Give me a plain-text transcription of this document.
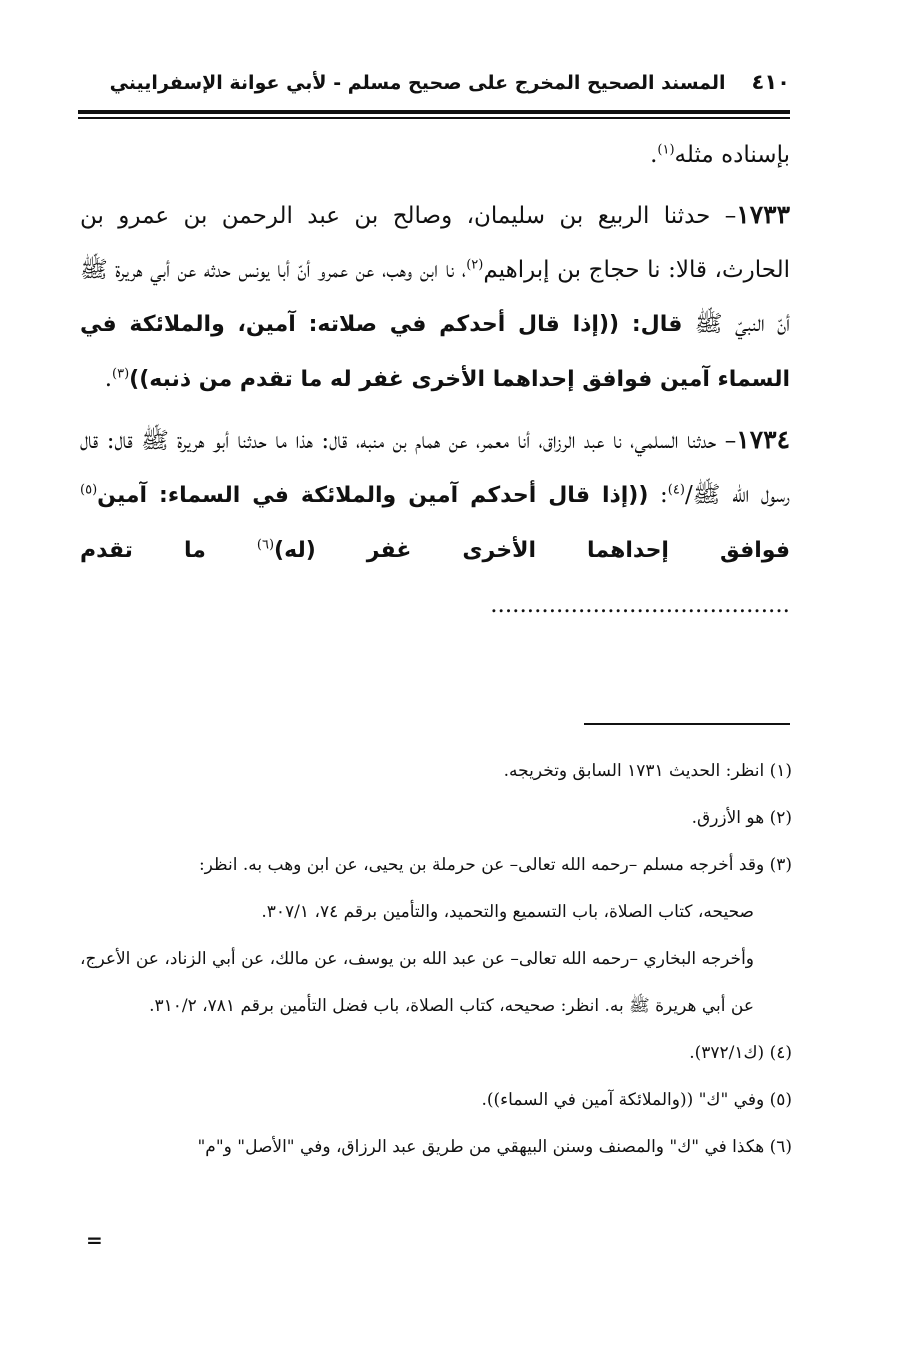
٤١٠
المسند الصحيح المخرج على صحيح مسلم - لأبي عوانة الإسفراييني

بإسناده مثله$^{(١)}$.

١٧٣٣– حدثنا الربيع بن سليمان، وصالح بن عبد الرحمن بن عمرو بن الحارث، قالا: نا حجاج بن إبراهيم$^{(٢)}$، نا ابن وهب، عن عمرو أنّ أبا يونس حدثه عن أبي هريرة ﷺ أنّ النبيّ ﷺ قال: ((إذا قال أحدكم في صلاته: آمين، والملائكة في السماء آمين فوافق إحداهما الأخرى غفر له ما تقدم من ذنبه))$^{(٣)}$.

١٧٣٤– حدثنا السلمي، نا عبد الرزاق، أنا معمر، عن همام بن منبه، قال: هذا ما حدثنا أبو هريرة ﷺ قال: قال رسول الله ﷺ/$^{(٤)}$: ((إذا قال أحدكم آمين والملائكة في السماء: آمين$^{(٥)}$ فوافق إحداهما الأخرى غفر (له)$^{(٦)}$ ما تقدم .........................................

(١) انظر: الحديث ١٧٣١ السابق وتخريجه.

(٢) هو الأزرق.

(٣) وقد أخرجه مسلم –رحمه الله تعالى– عن حرملة بن يحيى، عن ابن وهب به. انظر:

صحيحه، كتاب الصلاة، باب التسميع والتحميد، والتأمين برقم ٧٤، ٣٠٧/١.

وأخرجه البخاري –رحمه الله تعالى– عن عبد الله بن يوسف، عن مالك، عن أبي الزناد، عن الأعرج، عن أبي هريرة ﷺ به. انظر: صحيحه، كتاب الصلاة، باب فضل التأمين برقم ٧٨١، ٣١٠/٢.

(٤) (ك٣٧٢/١).

(٥) وفي "ك" ((والملائكة آمين في السماء)).

(٦) هكذا في "ك" والمصنف وسنن البيهقي من طريق عبد الرزاق، وفي "الأصل" و"م"

=
